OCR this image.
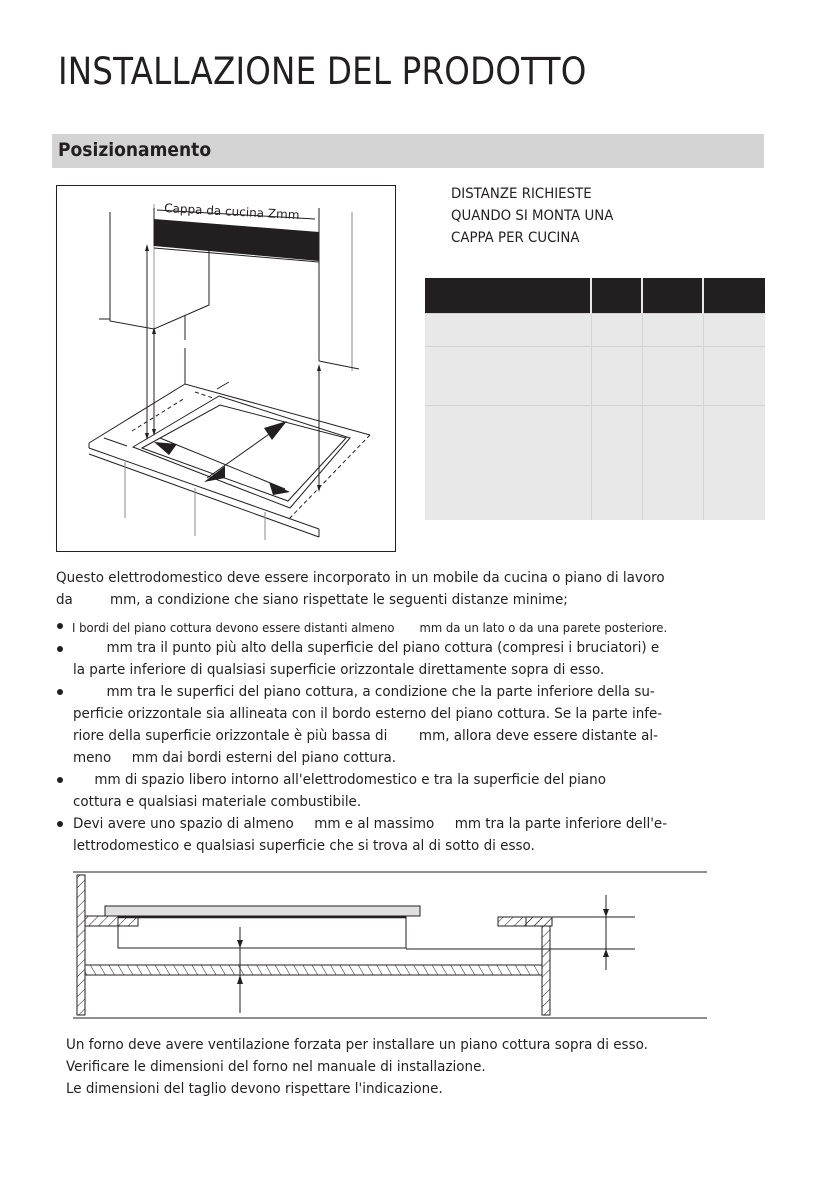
INSTALLAZIONE DEL PRODOTTO
Posizionamento
Cappa da cucina Zmm
DISTANZE RICHIESTE
QUANDO SI MONTA UNA
CAPPA PER CUCINA

Questo elettrodomestico deve essere incorporato in un mobile da cucina o piano di lavoro
da	mm, a condizione che siano rispettate le seguenti distanze minime;
I bordi del piano cottura devono essere distanti almeno mm da un lato o da una parete posteriore.
mm tra il punto più alto della superficie del piano cottura (compresi i bruciatori) e
la parte inferiore di qualsiasi superficie orizzontale direttamente sopra di esso.
mm tra le superfici del piano cottura, a condizione che la parte inferiore della su-
perficie orizzontale sia allineata con il bordo esterno del piano cottura. Se la parte infe-
riore della superficie orizzontale è più bassa di mm, allora deve essere distante al-
meno mm dai bordi esterni del piano cottura.
mm di spazio libero intorno all'elettrodomestico e tra la superficie del piano
cottura e qualsiasi materiale combustibile.
Devi avere uno spazio di almeno mm e al massimo mm tra la parte inferiore dell'e-
lettrodomestico e qualsiasi superficie che si trova al di sotto di esso.
Un forno deve avere ventilazione forzata per installare un piano cottura sopra di esso.
Verificare le dimensioni del forno nel manuale di installazione.
Le dimensioni del taglio devono rispettare l'indicazione.
